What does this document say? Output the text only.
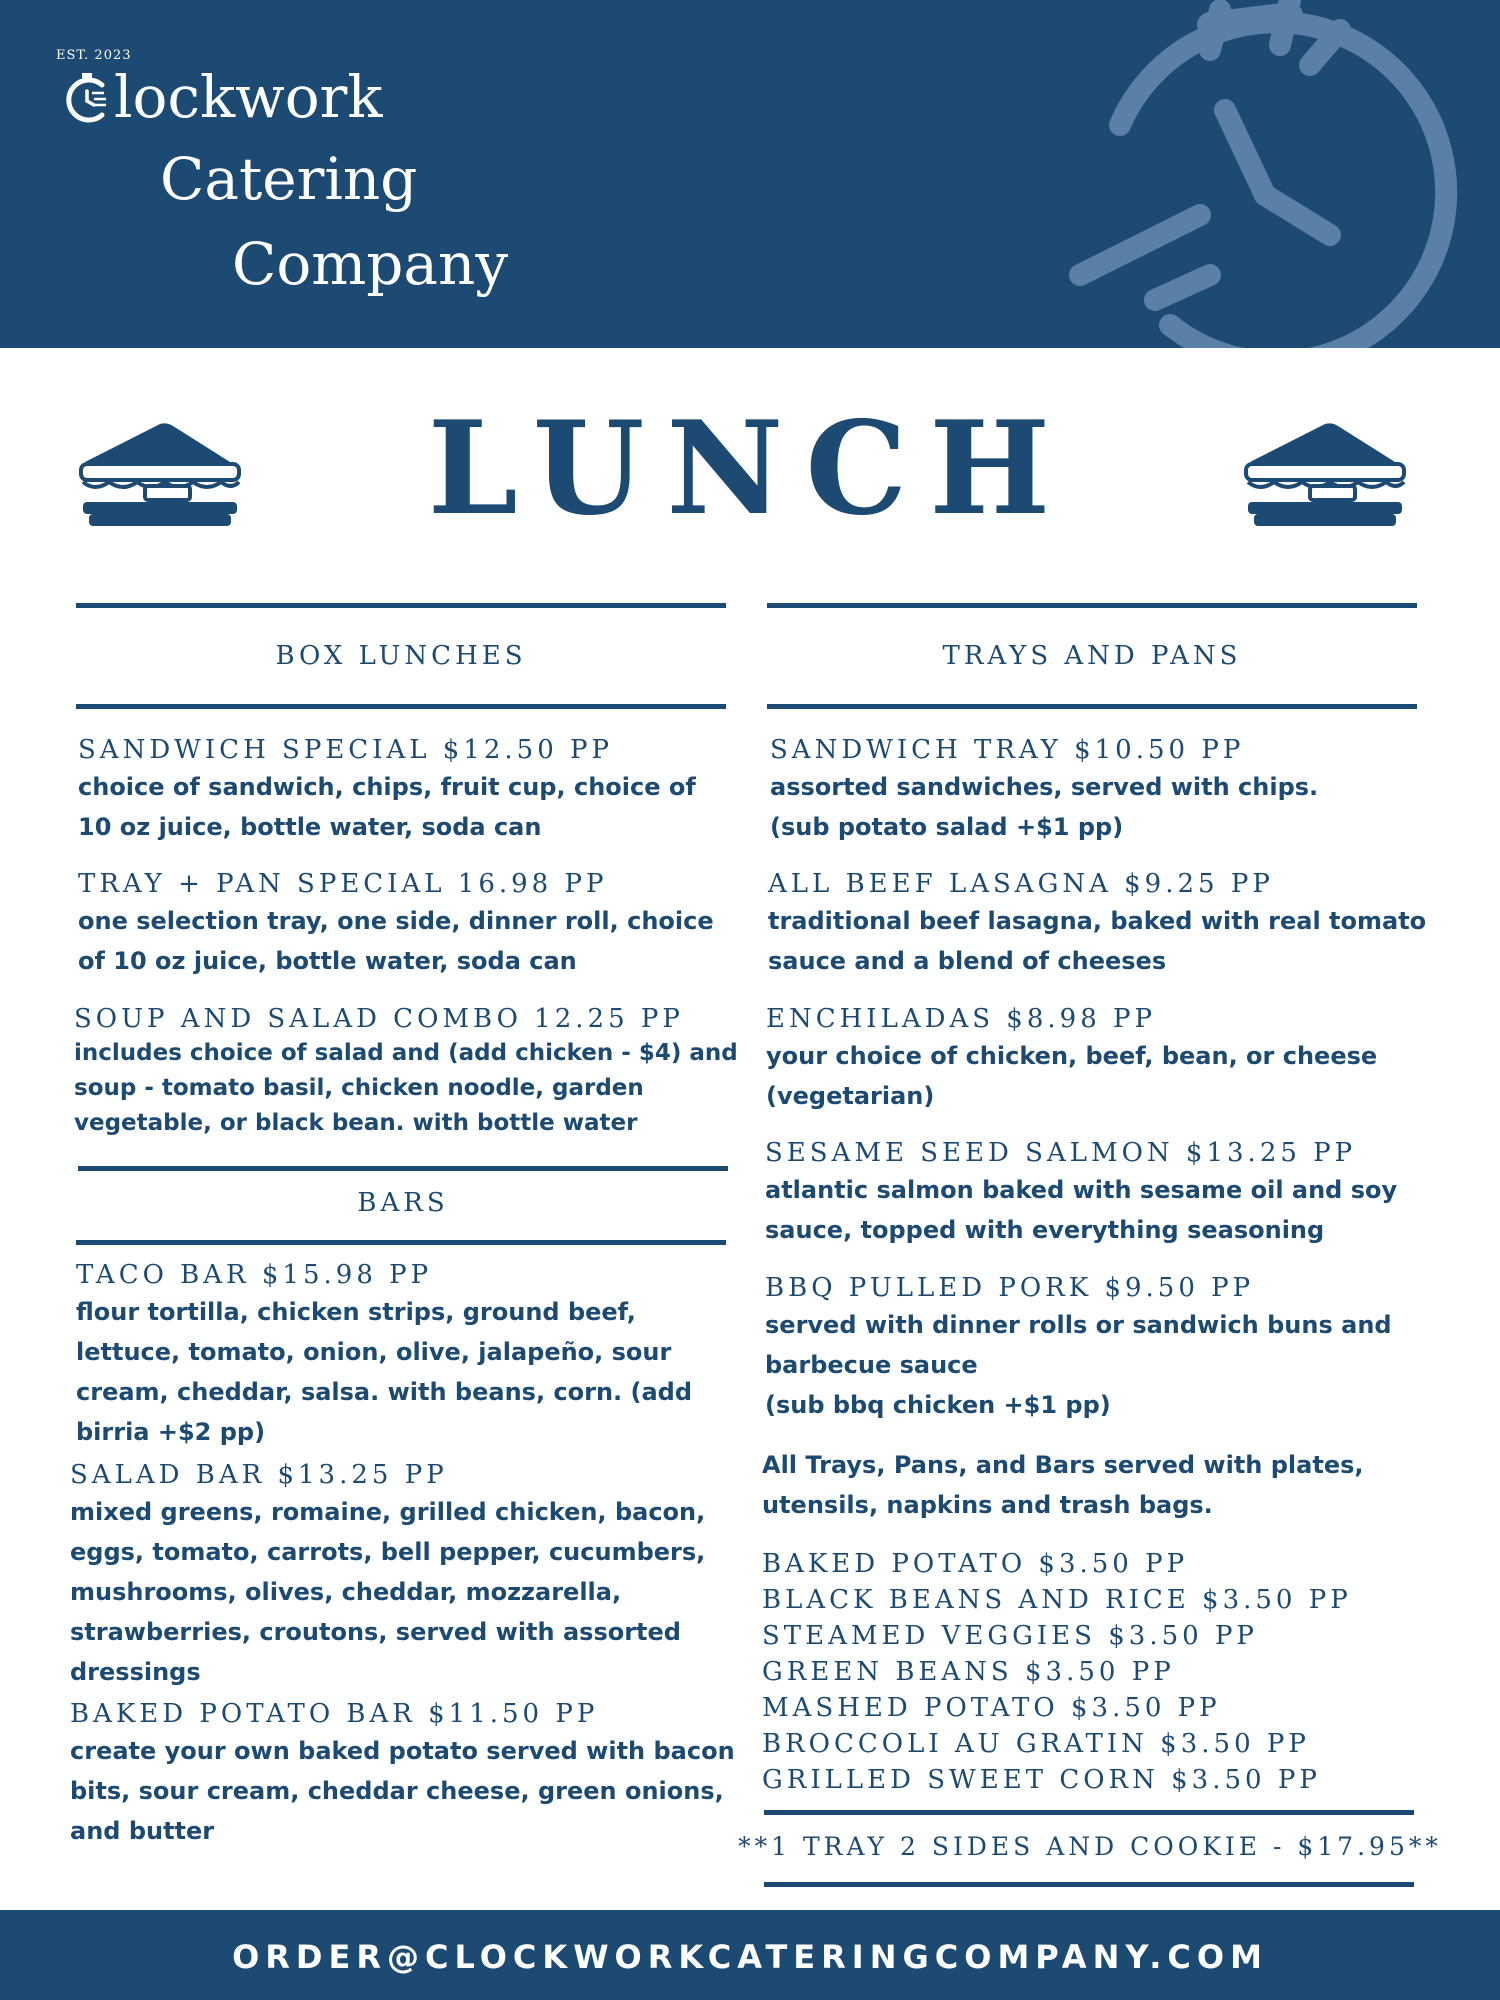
EST. 2023
lockwork
Catering
Company
LUNCH
BOX LUNCHES
SANDWICH SPECIAL $12.50 PP
choice of sandwich, chips, fruit cup, choice of 10 oz juice, bottle water, soda can
TRAY + PAN SPECIAL 16.98 PP
one selection tray, one side, dinner roll, choice of 10 oz juice, bottle water, soda can
SOUP AND SALAD COMBO 12.25 PP
includes choice of salad and (add chicken - $4) and soup - tomato basil, chicken noodle, garden vegetable, or black bean. with bottle water
BARS
TACO BAR $15.98 PP
flour tortilla, chicken strips, ground beef, lettuce, tomato, onion, olive, jalapeño, sour cream, cheddar, salsa. with beans, corn. (add birria +$2 pp)
SALAD BAR $13.25 PP
mixed greens, romaine, grilled chicken, bacon, eggs, tomato, carrots, bell pepper, cucumbers, mushrooms, olives, cheddar, mozzarella, strawberries, croutons, served with assorted dressings
BAKED POTATO BAR $11.50 PP
create your own baked potato served with bacon bits, sour cream, cheddar cheese, green onions, and butter
TRAYS AND PANS
SANDWICH TRAY $10.50 PP
assorted sandwiches, served with chips.
(sub potato salad +$1 pp)
ALL BEEF LASAGNA $9.25 PP
traditional beef lasagna, baked with real tomato sauce and a blend of cheeses
ENCHILADAS $8.98 PP
your choice of chicken, beef, bean, or cheese (vegetarian)
SESAME SEED SALMON $13.25 PP
atlantic salmon baked with sesame oil and soy sauce, topped with everything seasoning
BBQ PULLED PORK $9.50 PP
served with dinner rolls or sandwich buns and barbecue sauce
(sub bbq chicken +$1 pp)
All Trays, Pans, and Bars served with plates, utensils, napkins and trash bags.
BAKED POTATO $3.50 PP
BLACK BEANS AND RICE $3.50 PP
STEAMED VEGGIES $3.50 PP
GREEN BEANS $3.50 PP
MASHED POTATO $3.50 PP
BROCCOLI AU GRATIN $3.50 PP
GRILLED SWEET CORN $3.50 PP
**1 TRAY 2 SIDES AND COOKIE - $17.95**
ORDER@CLOCKWORKCATERINGCOMPANY.COM
